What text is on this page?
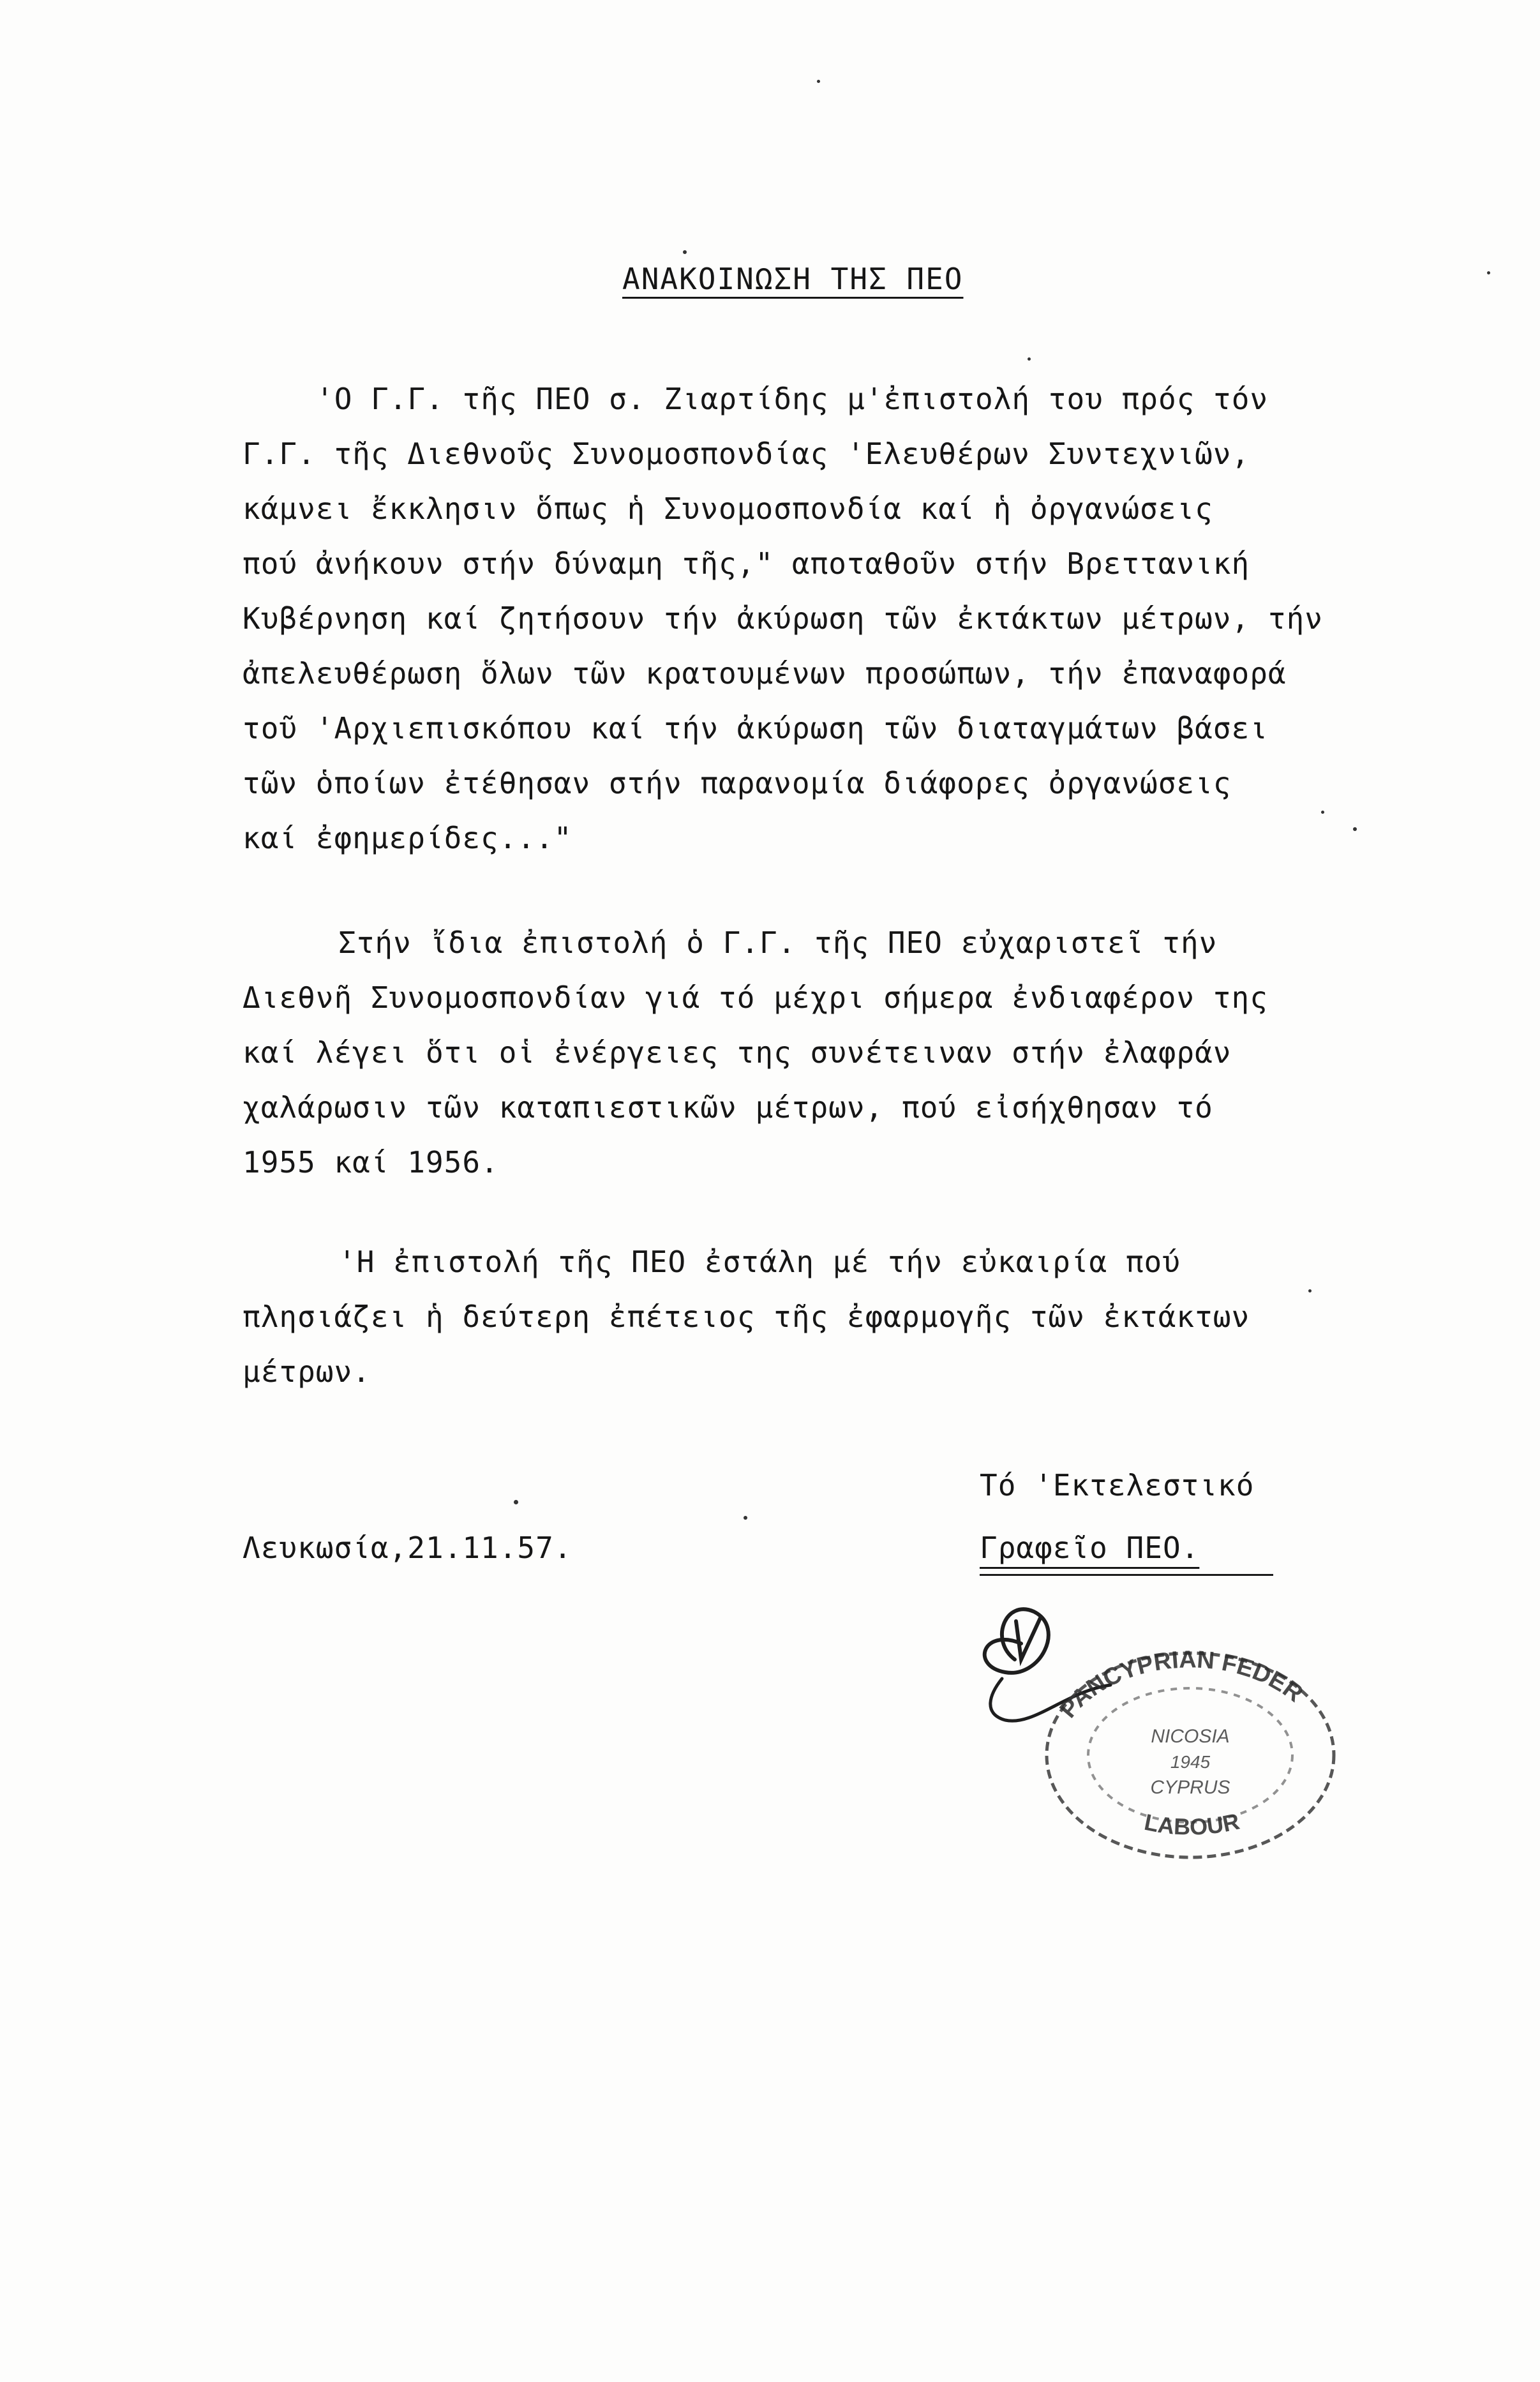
ΑΝΑΚΟΙΝΩΣΗ ΤΗΣ ΠΕΟ
'Ο Γ.Γ. τῆς ΠΕΟ σ. Ζιαρτίδης μ'ἐπιστολή του πρός τόν
Γ.Γ. τῆς Διεθνοῦς Συνομοσπονδίας 'Ελευθέρων Συντεχνιῶν,
κάμνει ἔκκλησιν ὅπως ἡ Συνομοσπονδία καί ἡ ὀργανώσεις
πού ἀνήκουν στήν δύναμη τῆς," αποταθοῦν στήν Βρεττανική
Κυβέρνηση καί ζητήσουν τήν ἀκύρωση τῶν ἐκτάκτων μέτρων, τήν
ἀπελευθέρωση ὅλων τῶν κρατουμένων προσώπων, τήν ἐπαναφορά
τοῦ 'Αρχιεπισκόπου καί τήν ἀκύρωση τῶν διαταγμάτων βάσει
τῶν ὁποίων ἐτέθησαν στήν παρανομία διάφορες ὀργανώσεις
καί ἐφημερίδες..."
Στήν ἴδια ἐπιστολή ὁ Γ.Γ. τῆς ΠΕΟ εὐχαριστεῖ τήν
Διεθνῆ Συνομοσπονδίαν γιά τό μέχρι σήμερα ἐνδιαφέρον της
καί λέγει ὅτι οἱ ἐνέργειες της συνέτειναν στήν ἐλαφράν
χαλάρωσιν τῶν καταπιεστικῶν μέτρων, πού εἰσήχθησαν τό
1955 καί 1956.
'Η ἐπιστολή τῆς ΠΕΟ ἐστάλη μέ τήν εὐκαιρία πού
πλησιάζει ἡ δεύτερη ἐπέτειος τῆς ἐφαρμογῆς τῶν ἐκτάκτων
μέτρων.
Τό 'Εκτελεστικό
Γραφεῖο ΠΕΟ.
Λευκωσία,21.11.57.
PANCYPRIAN FEDER
NICOSIA
1945
CYPRUS
LABOUR
